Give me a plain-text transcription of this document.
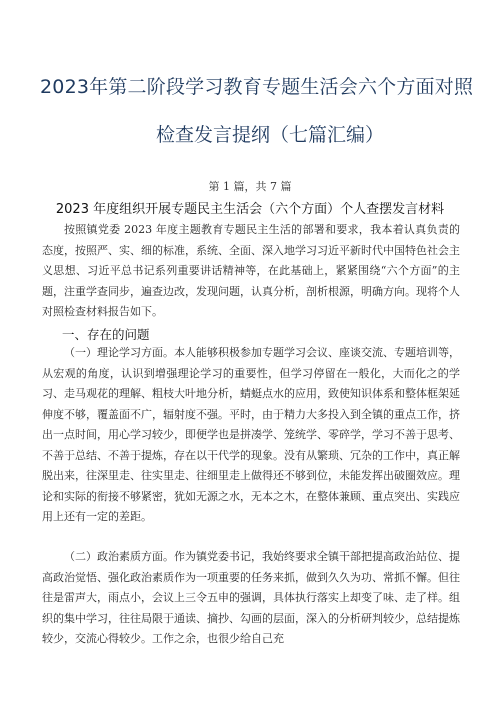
2023年第二阶段学习教育专题生活会六个方面对照
检查发言提纲（七篇汇编）
第 1 篇，共 7 篇
2023 年度组织开展专题民主生活会（六个方面）个人查摆发言材料

按照镇党委 2023 年度主题教育专题民主生活的部署和要求，我本着认真负责的态度，按照严、实、细的标准，系统、全面、深入地学习习近平新时代中国特色社会主义思想、习近平总书记系列重要讲话精神等，在此基础上，紧紧围绕“六个方面”的主题，注重学查同步，遍查边改，发现问题，认真分析，剖析根源，明确方向。现将个人对照检查材料报告如下。

一、存在的问题

（一）理论学习方面。本人能够积极参加专题学习会议、座谈交流、专题培训等，从宏观的角度，认识到增强理论学习的重要性，但学习停留在一般化，大而化之的学习、走马观花的理解、粗枝大叶地分析，蜻蜓点水的应用，致使知识体系和整体框架延伸度不够，覆盖面不广，辐射度不强。平时，由于精力大多投入到全镇的重点工作，挤出一点时间，用心学习较少，即便学也是拼凑学、笼统学、零碎学，学习不善于思考、不善于总结、不善于提炼，存在以干代学的现象。没有从繁琐、冗杂的工作中，真正解脱出来，往深里走、往实里走、往细里走上做得还不够到位，未能发挥出破圈效应。理论和实际的衔接不够紧密，犹如无源之水，无本之木，在整体兼顾、重点突出、实践应用上还有一定的差距。

（二）政治素质方面。作为镇党委书记，我始终要求全镇干部把提高政治站位、提高政治觉悟、强化政治素质作为一项重要的任务来抓，做到久久为功、常抓不懈。但往往是雷声大，雨点小，会议上三令五申的强调，具体执行落实上却变了味、走了样。组织的集中学习，往往局限于通读、摘抄、勾画的层面，深入的分析研判较少，总结提炼较少，交流心得较少。工作之余，也很少给自己充
